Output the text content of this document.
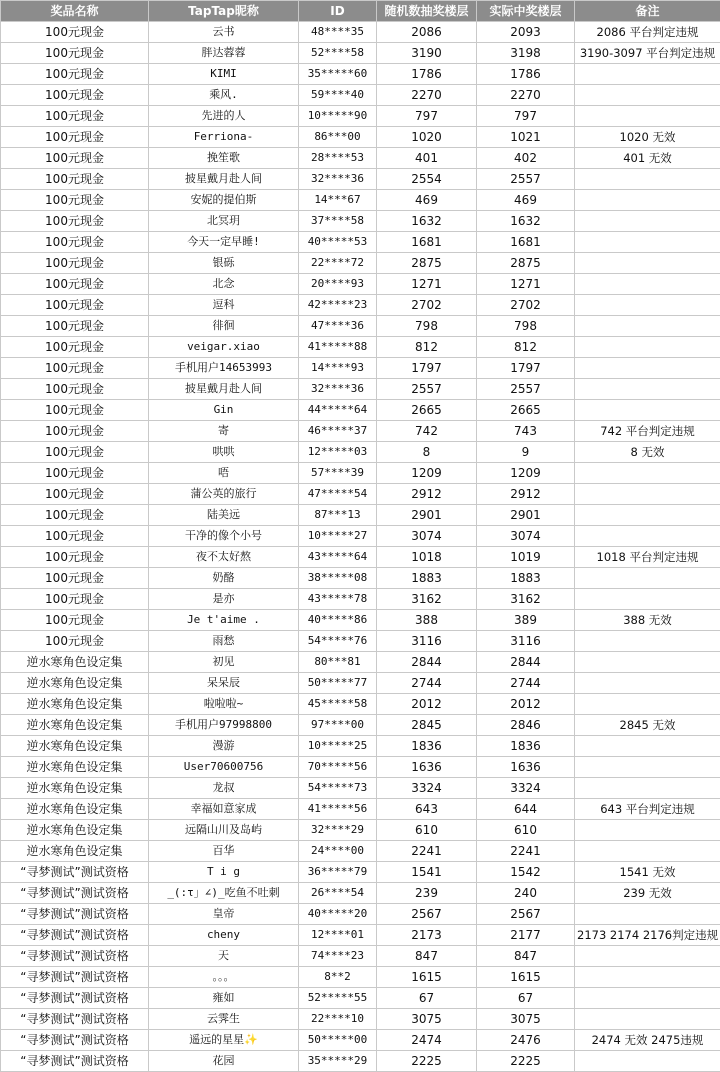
奖品名称	TapTap昵称	ID	随机数抽奖楼层	实际中奖楼层	备注
100元现金	云书	48****35	2086	2093	2086 平台判定违规
100元现金	胖达蓉蓉	52****58	3190	3198	3190-3097 平台判定违规
100元现金	KIMI	35*****60	1786	1786	
100元现金	乘风.	59****40	2270	2270	
100元现金	先进的人	10*****90	797	797	
100元现金	Ferriona-	86***00	1020	1021	1020 无效
100元现金	挽笙歌	28****53	401	402	401 无效
100元现金	披星戴月赴人间	32****36	2554	2557	
100元现金	安妮的提伯斯	14***67	469	469	
100元现金	北冥玥	37****58	1632	1632	
100元现金	今天一定早睡!	40*****53	1681	1681	
100元现金	银砾	22****72	2875	2875	
100元现金	北念	20****93	1271	1271	
100元现金	逗科	42*****23	2702	2702	
100元现金	徘徊	47****36	798	798	
100元现金	veigar.xiao	41*****88	812	812	
100元现金	手机用户14653993	14****93	1797	1797	
100元现金	披星戴月赴人间	32****36	2557	2557	
100元现金	Gin	44*****64	2665	2665	
100元现金	寄	46*****37	742	743	742 平台判定违规
100元现金	哄哄	12*****03	8	9	8 无效
100元现金	唔	57****39	1209	1209	
100元现金	蒲公英的旅行	47*****54	2912	2912	
100元现金	陆美远	87***13	2901	2901	
100元现金	干净的像个小号	10*****27	3074	3074	
100元现金	夜不太好熬	43*****64	1018	1019	1018 平台判定违规
100元现金	奶酪	38*****08	1883	1883	
100元现金	是亦	43*****78	3162	3162	
100元现金	Je t'aime .	40*****86	388	389	388 无效
100元现金	雨愁	54*****76	3116	3116	
逆水寒角色设定集	初见	80***81	2844	2844	
逆水寒角色设定集	呆呆辰	50*****77	2744	2744	
逆水寒角色设定集	啦啦啦~	45*****58	2012	2012	
逆水寒角色设定集	手机用户97998800	97****00	2845	2846	2845 无效
逆水寒角色设定集	漫游	10*****25	1836	1836	
逆水寒角色设定集	User70600756	70*****56	1636	1636	
逆水寒角色设定集	龙叔	54*****73	3324	3324	
逆水寒角色设定集	幸福如意家成	41*****56	643	644	643 平台判定违规
逆水寒角色设定集	远隔山川及岛屿	32****29	610	610	
逆水寒角色设定集	百华	24****00	2241	2241	
“寻梦测试”测试资格	T i g	36*****79	1541	1542	1541 无效
“寻梦测试”测试资格	_(:τ」∠)_吃鱼不吐刺	26****54	239	240	239 无效
“寻梦测试”测试资格	皇帝	40*****20	2567	2567	
“寻梦测试”测试资格	cheny	12****01	2173	2177	2173 2174 2176判定违规
“寻梦测试”测试资格	天	74****23	847	847	
“寻梦测试”测试资格	。。。	8**2	1615	1615	
“寻梦测试”测试资格	雍如	52*****55	67	67	
“寻梦测试”测试资格	云霁生	22****10	3075	3075	
“寻梦测试”测试资格	遥远的星星✨	50*****00	2474	2476	2474 无效 2475违规
“寻梦测试”测试资格	花园	35*****29	2225	2225	
